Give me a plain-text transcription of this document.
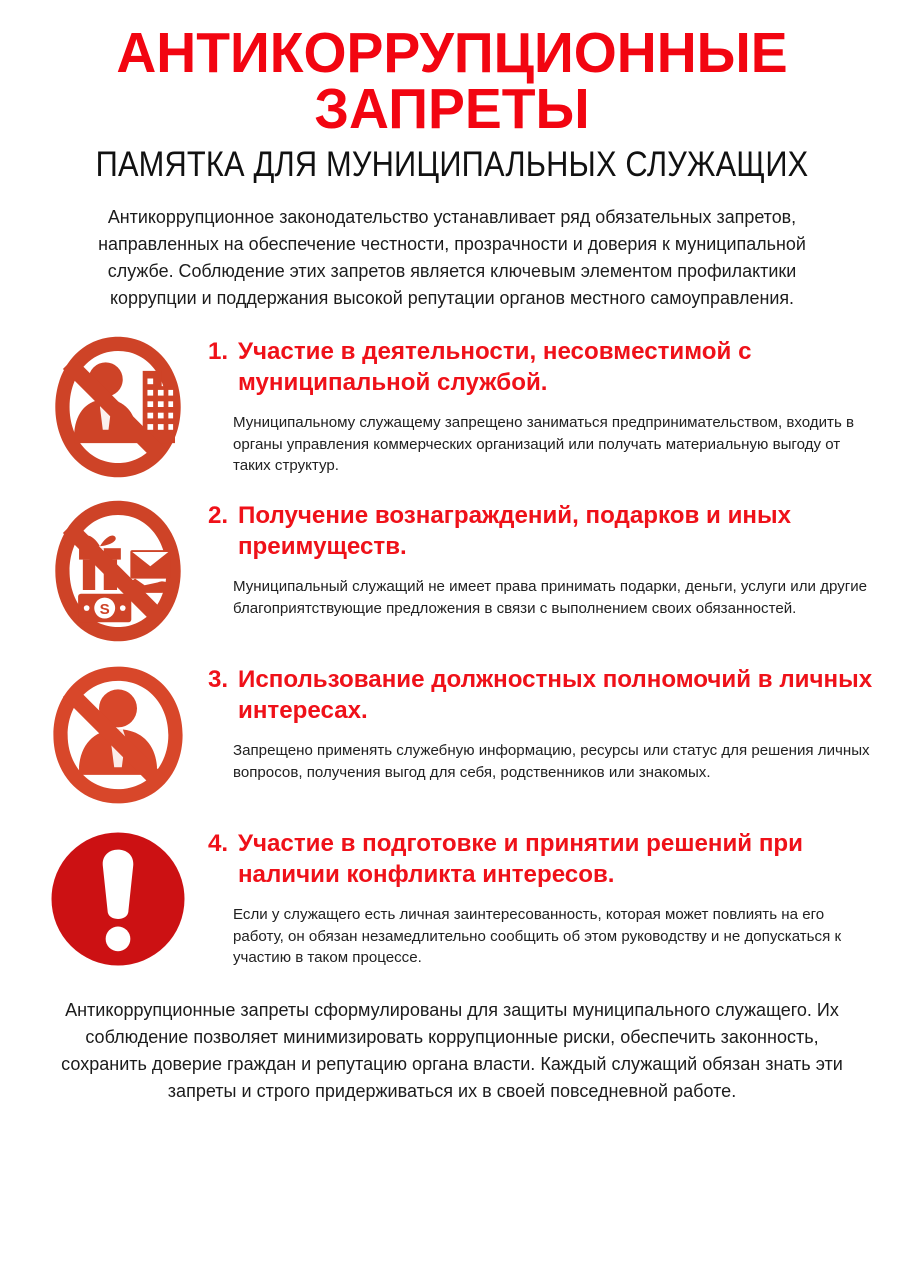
АНТИКОРРУПЦИОННЫЕ
ЗАПРЕТЫ
ПАМЯТКА ДЛЯ МУНИЦИПАЛЬНЫХ СЛУЖАЩИХ

Антикоррупционное законодательство устанавливает ряд обязательных запретов, направленных на обеспечение честности, прозрачности и доверия к муниципальной службе. Соблюдение этих запретов является ключевым элементом профилактики коррупции и поддержания высокой репутации органов местного самоуправления.

1. Участие в деятельности, несовместимой с муниципальной службой.
Муниципальному служащему запрещено заниматься предпринимательством, входить в органы управления коммерческих организаций или получать материальную выгоду от таких структур.
S
2. Получение вознаграждений, подарков и иных преимуществ.
Муниципальный служащий не имеет права принимать подарки, деньги, услуги или другие благоприятствующие предложения в связи с выполнением своих обязанностей.
3. Использование должностных полномочий в личных интересах.
Запрещено применять служебную информацию, ресурсы или статус для решения личных вопросов, получения выгод для себя, родственников или знакомых.
4. Участие в подготовке и принятии решений при наличии конфликта интересов.
Если у служащего есть личная заинтересованность, которая может повлиять на его работу, он обязан незамедлительно сообщить об этом руководству и не допускаться к участию в таком процессе.

Антикоррупционные запреты сформулированы для защиты муниципального служащего. Их соблюдение позволяет минимизировать коррупционные риски, обеспечить законность, сохранить доверие граждан и репутацию органа власти. Каждый служащий обязан знать эти запреты и строго придерживаться их в своей повседневной работе.
